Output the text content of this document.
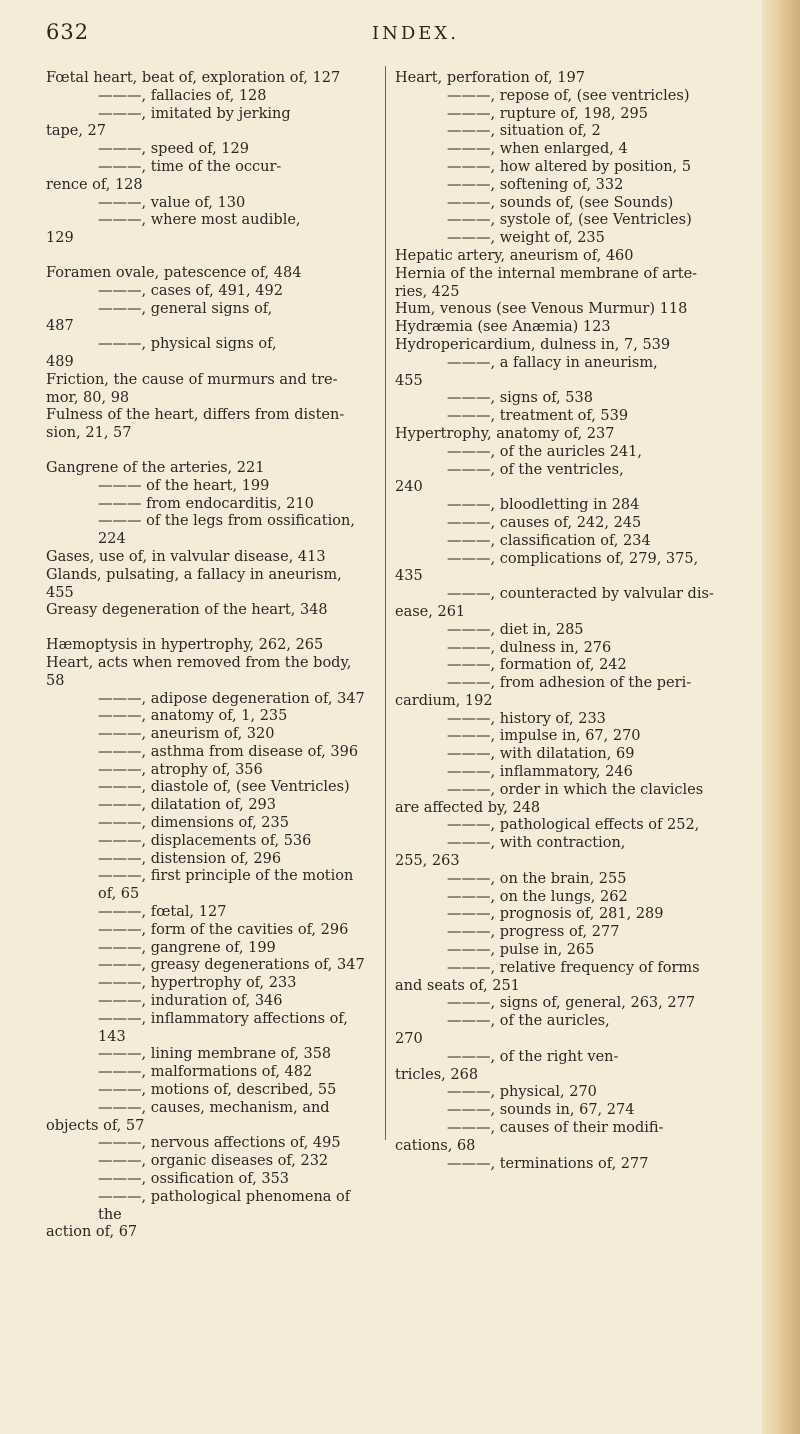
632	INDEX.

Fœtal heart, beat of, exploration of, 127

———, fallacies of, 128

———, imitated by jerking

tape, 27

———, speed of, 129

———, time of the occur-

rence of, 128

———, value of, 130

———, where most audible,

129

Foramen ovale, patescence of, 484

———, cases of, 491, 492

———, general signs of,

487

———, physical signs of,

489

Friction, the cause of murmurs and tre-

mor, 80, 98

Fulness of the heart, differs from disten-

sion, 21, 57

Gangrene of the arteries, 221

——— of the heart, 199

——— from endocarditis, 210

——— of the legs from ossification, 224

Gases, use of, in valvular disease, 413

Glands, pulsating, a fallacy in aneurism,

455

Greasy degeneration of the heart, 348

Hæmoptysis in hypertrophy, 262, 265

Heart, acts when removed from the body,

58

———, adipose degeneration of, 347

———, anatomy of, 1, 235

———, aneurism of, 320

———, asthma from disease of, 396

———, atrophy of, 356

———, diastole of, (see Ventricles)

———, dilatation of, 293

———, dimensions of, 235

———, displacements of, 536

———, distension of, 296

———, first principle of the motion of, 65

———, fœtal, 127

———, form of the cavities of, 296

———, gangrene of, 199

———, greasy degenerations of, 347

———, hypertrophy of, 233

———, induration of, 346

———, inflammatory affections of, 143

———, lining membrane of, 358

———, malformations of, 482

———, motions of, described, 55

———, causes, mechanism, and

objects of, 57

———, nervous affections of, 495

———, organic diseases of, 232

———, ossification of, 353

———, pathological phenomena of the

action of, 67

Heart, perforation of, 197

———, repose of, (see ventricles)

———, rupture of, 198, 295

———, situation of, 2

———, when enlarged, 4

———, how altered by position, 5

———, softening of, 332

———, sounds of, (see Sounds)

———, systole of, (see Ventricles)

———, weight of, 235

Hepatic artery, aneurism of, 460

Hernia of the internal membrane of arte-

ries, 425

Hum, venous (see Venous Murmur) 118

Hydræmia (see Anæmia) 123

Hydropericardium, dulness in, 7, 539

———, a fallacy in aneurism,

455

———, signs of, 538

———, treatment of, 539

Hypertrophy, anatomy of, 237

———, of the auricles 241,

———, of the ventricles,

240

———, bloodletting in 284

———, causes of, 242, 245

———, classification of, 234

———, complications of, 279, 375,

435

———, counteracted by valvular dis-

ease, 261

———, diet in, 285

———, dulness in, 276

———, formation of, 242

———, from adhesion of the peri-

cardium, 192

———, history of, 233

———, impulse in, 67, 270

———, with dilatation, 69

———, inflammatory, 246

———, order in which the clavicles

are affected by, 248

———, pathological effects of 252,

———, with contraction,

255, 263

———, on the brain, 255

———, on the lungs, 262

———, prognosis of, 281, 289

———, progress of, 277

———, pulse in, 265

———, relative frequency of forms

and seats of, 251

———, signs of, general, 263, 277

———, of the auricles,

270

———, of the right ven-

tricles, 268

———, physical, 270

———, sounds in, 67, 274

———, causes of their modifi-

cations, 68

———, terminations of, 277
